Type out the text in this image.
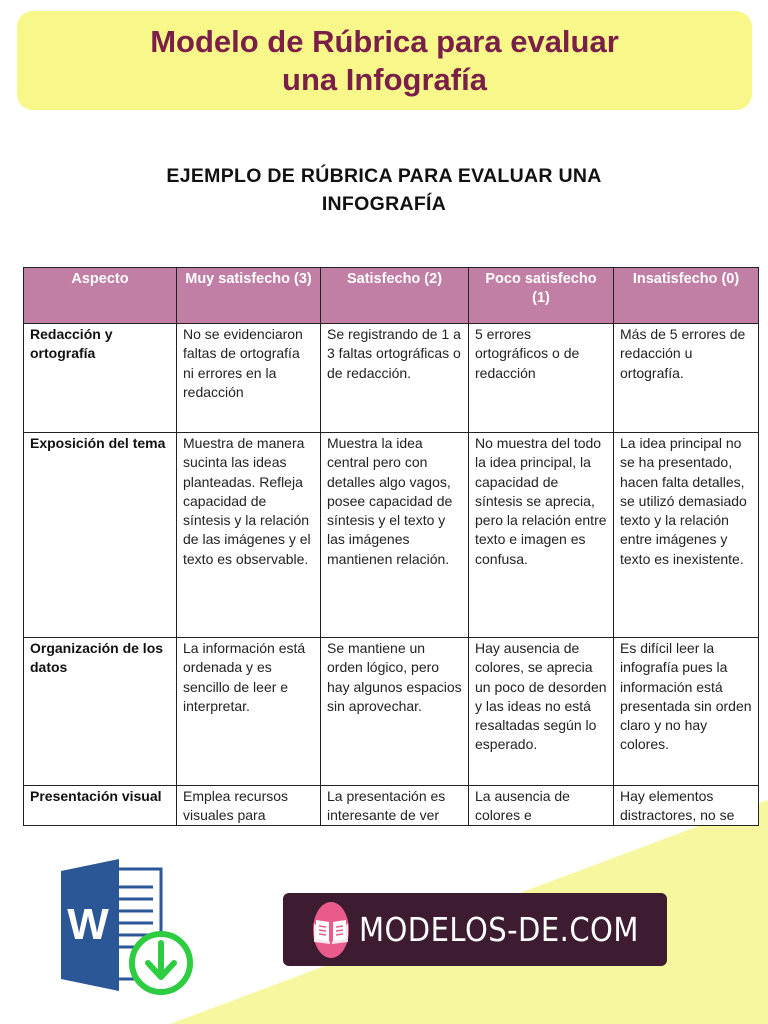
Modelo de Rúbrica para evaluar
una Infografía
EJEMPLO DE RÚBRICA PARA EVALUAR UNA
INFOGRAFÍA
Aspecto	Muy satisfecho (3)	Satisfecho (2)	Poco satisfecho (1)	Insatisfecho (0)
Redacción y ortografía	No se evidenciaron faltas de ortografía ni errores en la redacción	Se registrando de 1 a 3 faltas ortográficas o de redacción.	5 errores ortográficos o de redacción	Más de 5 errores de redacción u ortografía.
Exposición del tema	Muestra de manera sucinta las ideas planteadas. Refleja capacidad de síntesis y la relación de las imágenes y el texto es observable.	Muestra la idea central pero con detalles algo vagos, posee capacidad de síntesis y el texto y las imágenes mantienen relación.	No muestra del todo la idea principal, la capacidad de síntesis se aprecia, pero la relación entre texto e imagen es confusa.	La idea principal no se ha presentado, hacen falta detalles, se utilizó demasiado texto y la relación entre imágenes y texto es inexistente.
Organización de los datos	La información está ordenada y es sencillo de leer e interpretar.	Se mantiene un orden lógico, pero hay algunos espacios sin aprovechar.	Hay ausencia de colores, se aprecia un poco de desorden y las ideas no está resaltadas según lo esperado.	Es difícil leer la infografía pues la información está presentada sin orden claro y no hay colores.

Presentación visual	Emplea recursos visuales para	La presentación es interesante de ver	La ausencia de colores e	Hay elementos distractores, no se
W	MODELOS-DE.COM
